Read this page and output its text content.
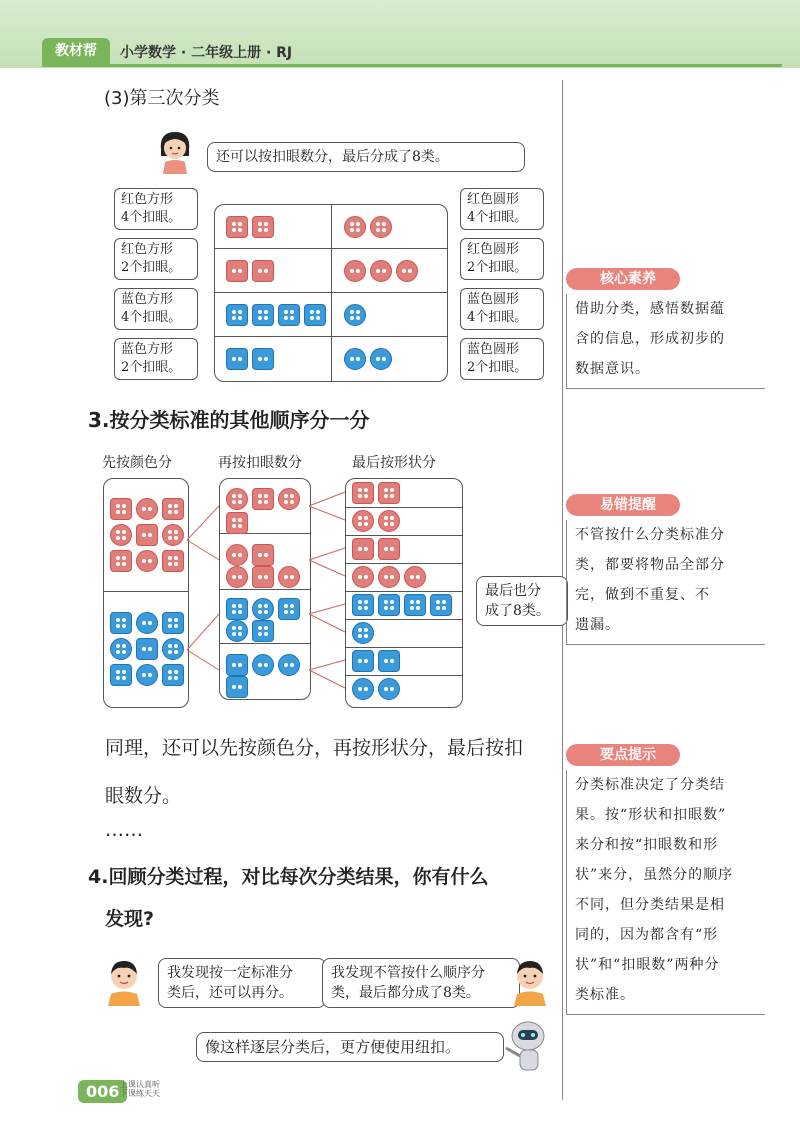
教材帮	小学数学 · 二年级上册 · RJ
(3)第三次分类
还可以按扣眼数分，最后分成了8类。
红色方形
4个扣眼。
红色方形
2个扣眼。
蓝色方形
4个扣眼。
蓝色方形
2个扣眼。
红色圆形
4个扣眼。
红色圆形
2个扣眼。
蓝色圆形
4个扣眼。
蓝色圆形
2个扣眼。
3.按分类标准的其他顺序分一分
先按颜色分	再按扣眼数分	最后按形状分
最后也分
成了8类。
同理，还可以先按颜色分，再按形状分，最后按扣
眼数分。
……
4.回顾分类过程，对比每次分类结果，你有什么
发现?
我发现按一定标准分
类后，还可以再分。
我发现不管按什么顺序分
类，最后都分成了8类。
像这样逐层分类后，更方便使用纽扣。
核心素养
借助分类，感悟数据蕴
含的信息，形成初步的
数据意识。
易错提醒
不管按什么分类标准分
类，都要将物品全部分
完，做到不重复、不
遗漏。
要点提示
分类标准决定了分类结
果。按“形状和扣眼数”
来分和按“扣眼数和形
状”来分，虽然分的顺序
不同，但分类结果是相
同的，因为都含有“形
状”和“扣眼数”两种分
类标准。
006 上课认真听
下课练天天
